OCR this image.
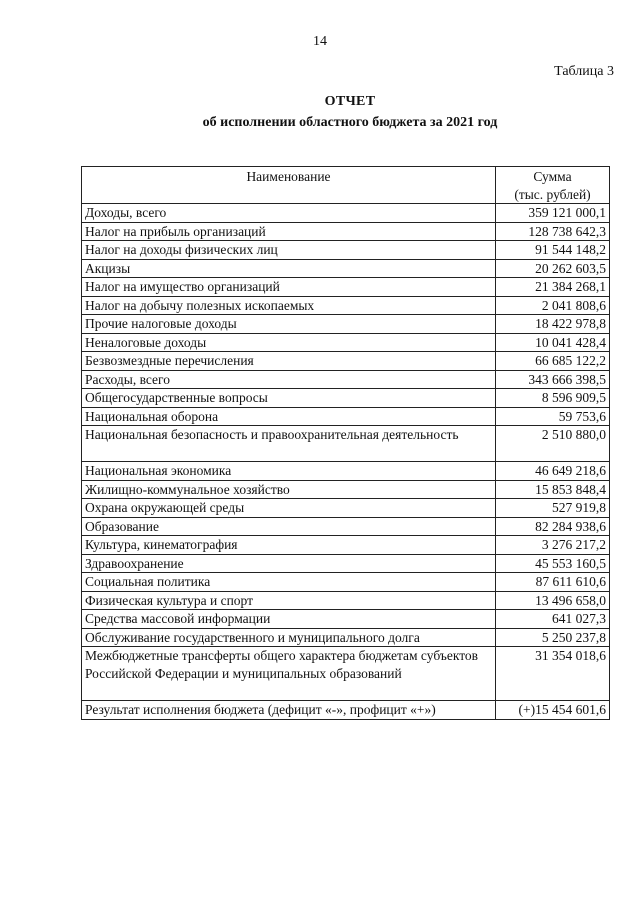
14
Таблица 3
ОТЧЕТ
об исполнении областного бюджета за 2021 год
Наименование	Сумма
(тыс. рублей)
Доходы, всего	359 121 000,1
Налог на прибыль организаций	128 738 642,3
Налог на доходы физических лиц	91 544 148,2
Акцизы	20 262 603,5
Налог на имущество организаций	21 384 268,1
Налог на добычу полезных ископаемых	2 041 808,6
Прочие налоговые доходы	18 422 978,8
Неналоговые доходы	10 041 428,4
Безвозмездные перечисления	66 685 122,2
Расходы, всего	343 666 398,5
Общегосударственные вопросы	8 596 909,5
Национальная оборона	59 753,6
Национальная безопасность и правоохранительная деятельность	2 510 880,0
Национальная экономика	46 649 218,6
Жилищно-коммунальное хозяйство	15 853 848,4
Охрана окружающей среды	527 919,8
Образование	82 284 938,6
Культура, кинематография	3 276 217,2
Здравоохранение	45 553 160,5
Социальная политика	87 611 610,6
Физическая культура и спорт	13 496 658,0
Средства массовой информации	641 027,3
Обслуживание государственного и муниципального долга	5 250 237,8
Межбюджетные трансферты общего характера бюджетам субъектов Российской Федерации и муниципальных образований	31 354 018,6
Результат исполнения бюджета (дефицит «-», профицит «+»)	(+)15 454 601,6
